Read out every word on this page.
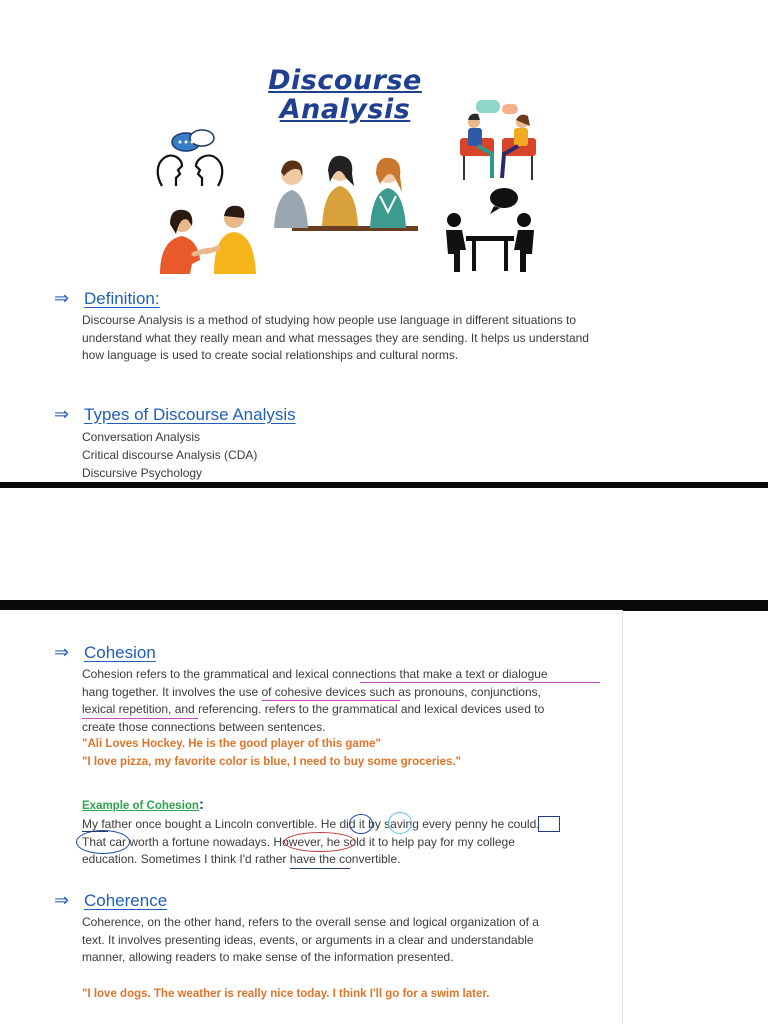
Discourse
Analysis
⇒ Definition:
Discourse Analysis is a method of studying how people use language in different situations to understand what they really mean and what messages they are sending. It helps us understand how language is used to create social relationships and cultural norms.
⇒ Types of Discourse Analysis
Conversation Analysis
Critical discourse Analysis (CDA)
Discursive Psychology
⇒ Cohesion
Cohesion refers to the grammatical and lexical connections that make a text or dialogue
hang together. It involves the use of cohesive devices such as pronouns, conjunctions,
lexical repetition, and referencing. refers to the grammatical and lexical devices used to
create those connections between sentences.
"Ali Loves Hockey. He is the good player of this game"
"I love pizza, my favorite color is blue, I need to buy some groceries."
Example of Cohesion:
My father once bought a Lincoln convertible. He did it by saving every penny he could.
That car worth a fortune nowadays. However, he sold it to help pay for my college
education. Sometimes I think I'd rather have the convertible.
⇒ Coherence
Coherence, on the other hand, refers to the overall sense and logical organization of a
text. It involves presenting ideas, events, or arguments in a clear and understandable
manner, allowing readers to make sense of the information presented.
"I love dogs. The weather is really nice today. I think I'll go for a swim later.
